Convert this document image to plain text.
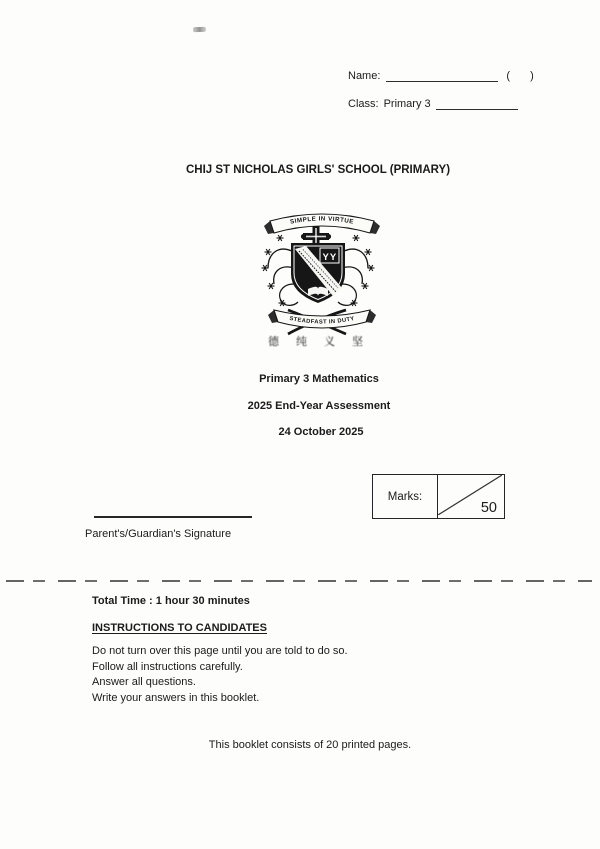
Name:	( )
Class: Primary 3
CHIJ ST NICHOLAS GIRLS' SCHOOL (PRIMARY)
YY
SIMPLE IN VIRTUE
STEADFAST IN DUTY
德纯义坚
Primary 3 Mathematics
2025 End-Year Assessment
24 October 2025
Marks:
50
Parent's/Guardian's Signature
Total Time : 1 hour 30 minutes
INSTRUCTIONS TO CANDIDATES
Do not turn over this page until you are told to do so.
Follow all instructions carefully.
Answer all questions.
Write your answers in this booklet.
This booklet consists of 20 printed pages.
